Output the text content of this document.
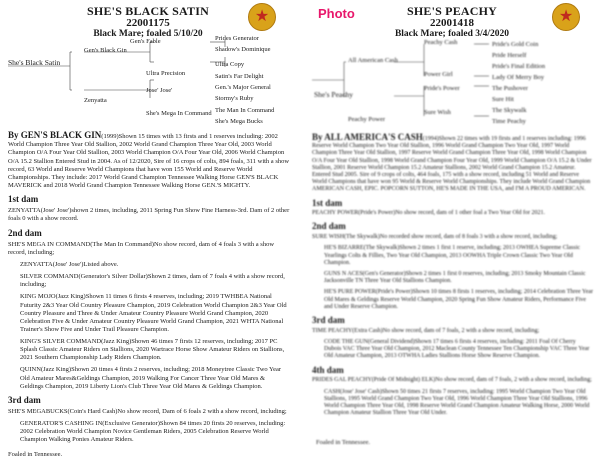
SHE'S BLACK SATIN
22001175
Black Mare; foaled 5/10/20
★
She's Black Satin
Gen's Black Gin
Zenyatta
Gen's Fable
Ultra Precision
Jose' Jose'
She's Mega In Command
Prides Generator
Shadow's Dominique
Ultra Copy
Satin's Far Delight
Gen.'s Major General
Stormy's Ruby
The Man In Command
She's Mega Bucks

By GEN'S BLACK GIN(1999)Shown 15 times with 13 firsts and 1 reserves including: 2002 World Champion Three Year Old Stallion, 2002 World Grand Champion Three Year Old, 2003 World Champion O/A Four Year Old Stallion, 2003 World Champion O/A Four Year Old, 2006 World Champion O/A 15.2 Stallion Entered Stud in 2004. As of 12/2020, Sire of 16 crops of colts, 894 foals, 311 with a show record, 63 World and Reserve World Champions that have won 155 World and Reserve World Championships. They include: 2017 World Grand Champion Tennessee Walking Horse GEN'S BLACK MAVERICK and 2018 World Grand Champion Tennessee Walking Horse GEN.'S MIGHTY.

1st dam

ZENYATTA(Jose' Jose')shown 2 times, including, 2011 Spring Fun Show Fine Harness-3rd. Dam of 2 other foals 0 with a show record.

2nd dam

SHE'S MEGA IN COMMAND(The Man In Command)No show record, dam of 4 foals 3 with a show record, including;

ZENYATTA(Jose' Jose')Listed above.

SILVER COMMAND(Generator's Silver Dollar)Shown 2 times, dam of 7 foals 4 with a show record, including;

KING MOJO(Jazz King)Shown 11 times 6 firsts 4 reserves, including; 2019 TWHBEA National Futurity 2&3 Year Old Country Pleasure Champion, 2019 Celebration World Champion 2&3 Year Old Country Pleasure and Three & Under Amateur Country Pleasure World Grand Champion, 2020 Celebration Five & Under Amateur Country Pleasure World Grand Champion, 2021 WHTA National Trainer's Show Five and Under Trail Pleasure Champion.

KING'S SILVER COMMAND(Jazz King)Shown 46 times 7 firsts 12 reserves, including; 2017 PC Splash Classic Amateur Riders on Stallions, 2020 Wartrace Horse Show Amateur Riders on Stallions, 2021 Southern Championship Lady Riders Champion.

QUINN(Jazz King)Shown 20 times 4 firsts 2 reserves, including; 2018 Moneytree Classic Two Year Old Amateur Mares&Geldings Champion, 2019 Walking For Cancer Three Year Old Mares & Geldings Champion, 2019 Liberty Lion's Club Three Year Old Mares & Geldings Champion.

3rd dam

SHE'S MEGABUCKS(Coin's Hard Cash)No show record, Dam of 6 foals 2 with a show record, including;

GENERATOR'S CASHING IN(Exclusive Generator)Shown 84 times 20 firsts 20 reserves, including: 2002 Celebration World Champion Novice Gentleman Riders, 2005 Celebration Reserve World Champion Walking Ponies Amateur Riders.

Foaled in Tennessee.
Photo	SHE'S PEACHY
22001418
Black Mare; foaled 3/4/2020
★
She's Peachy
All American Cash
Peachy Power
Peachy Cash
Power Girl
Pride's Power
Sure Wish
Pride's Gold Coin
Pride Herself
Pride's Final Edition
Lady Of Merry Boy
The Pushover
Sure Hit
The Skywalk
Time Peachy

By ALL AMERICA'S CASH(1994)Shown 22 times with 19 firsts and 1 reserves including: 1996 Reserve World Champion Two Year Old Stallion, 1996 World Grand Champion Two Year Old, 1997 World Champion Three Year Old Stallion, 1997 Reserve World Grand Champion Three Year Old, 1998 World Champion O/A Four Year Old Stallion, 1998 World Grand Champion Four Year Old, 1999 World Champion O/A 15.2 & Under Stallion, 2001 Reserve World Champion 15.2 Amateur Stallions, 2002 World Grand Champion 15.2 Amateur. Entered Stud 2005. Sire of 9 crops of colts, 464 foals, 175 with a show record, including 51 World and Reserve World Champions that have won 95 World & Reserve World Championships. They include World Grand Champion AMERICAN CASH, EPIC. POPCORN SUTTON, HE'S MADE IN THE USA, and I'M A PROUD AMERICAN.

1st dam

PEACHY POWER(Pride's Power)No show record, dam of 1 other foal a Two Year Old for 2021.

2nd dam

SURE WISH(The Skywalk)No recorded show record, dam of 8 foals 3 with a show record, including;

HE'S BIZARRE(The Skywalk)Shown 2 times 1 first 1 reserve, including; 2013 OWHEA Supreme Classic Yearlings Colts & Fillies, Two Year Old Champion, 2013 OOWHA Triple Crown Classic Two Year Old Champion.

GUNS N ACES(Gen's Generator)Shown 2 times 1 first 0 reserves, including; 2013 Smoky Mountain Classic Jacksonville TN Three Year Old Stallions Champion.

HE'S PURE POWER(Pride's Power)Shown 10 times 8 firsts 1 reserves, including; 2014 Celebration Three Year Old Mares & Geldings Reserve World Champion, 2020 Spring Fun Show Amateur Riders, Performance Five and Under Reserve Champion.

3rd dam

TIME PEACHY(Extra Cash)No show record, dam of 7 foals, 2 with a show record, including;

CODE THE GUN(General Dividend)Shown 17 times 6 firsts 4 reserves, including: 2011 Foal Of Cherry Dubois VAC Three Year Old Champion, 2012 Maclean County Tennessee Ten Championship VAC Three Year Old Amateur Champion, 2013 OTWHA Ladies Stallions Horse Show Reserve Champion.

4th dam

PRIDES GAL PEACHY(Pride Of Midnight) ELK)No show record, dam of 7 foals, 2 with a show record, including;

CASH(Jose' Jose' Cash)Shown 50 times 21 firsts 7 reserves, including: 1995 World Champion Two Year Old Stallions, 1995 World Grand Champion Two Year Old, 1996 World Champion Three Year Old Stallions, 1996 World Champion Three Year Old, 1998 Reserve World Grand Champion Amateur Walking Horse, 2000 World Champion Amateur Stallion Three Year Old Under.

Foaled in Tennessee.
